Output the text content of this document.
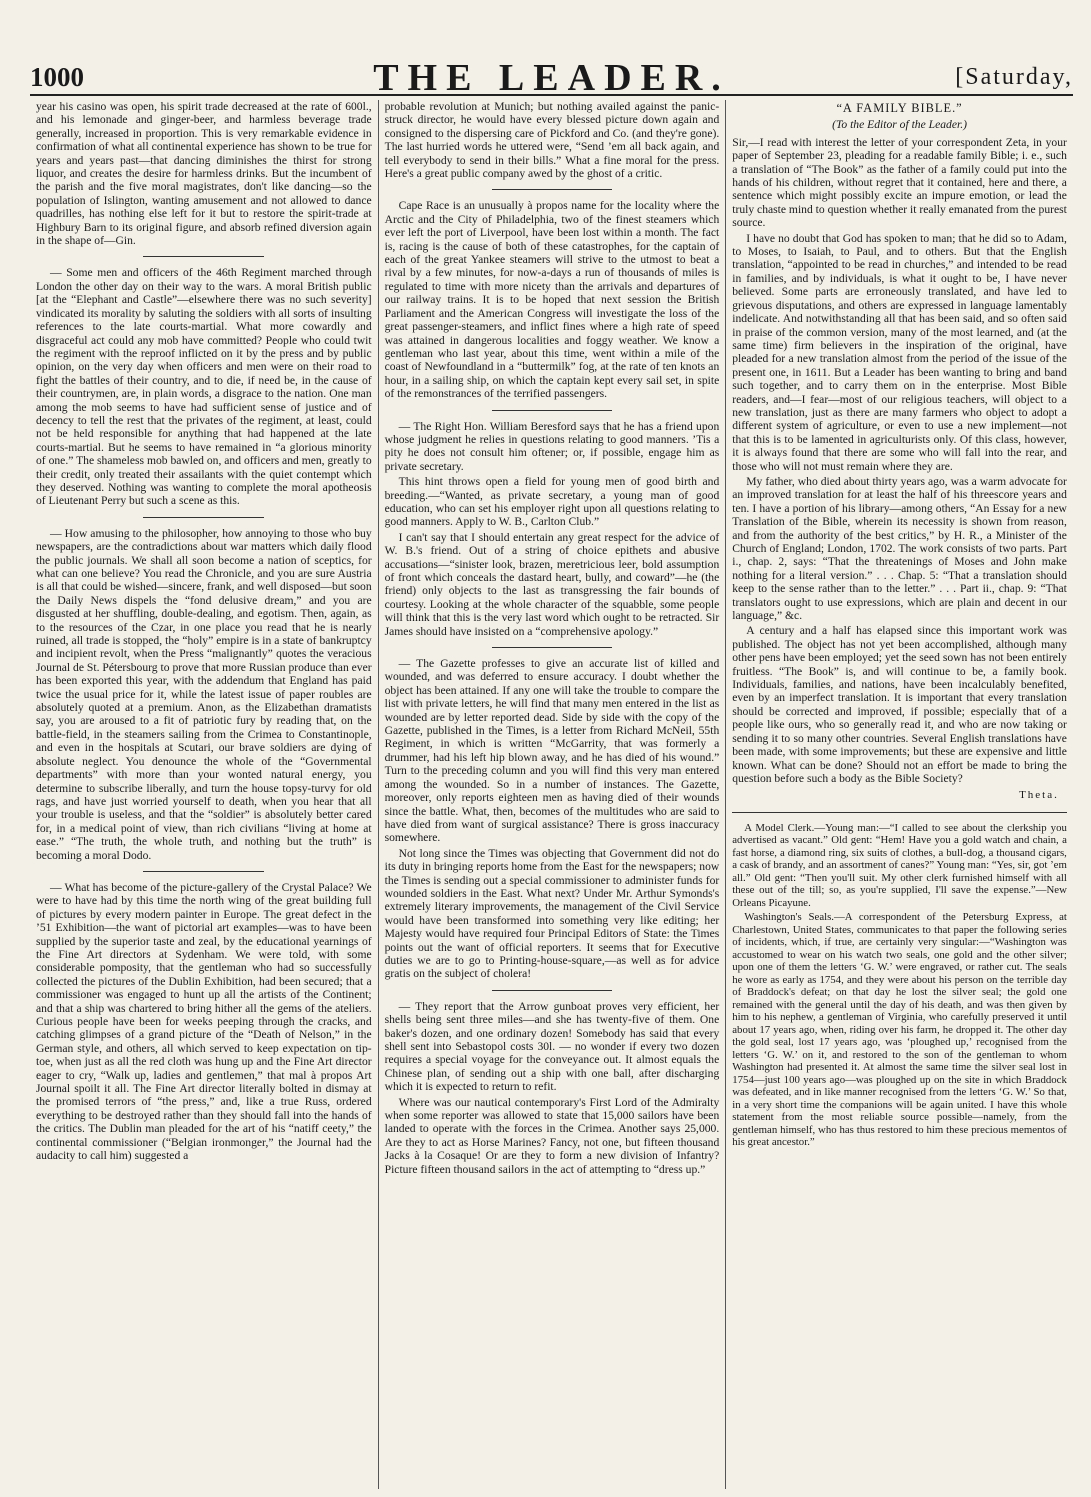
1000	THE LEADER.	[Saturday,

year his casino was open, his spirit trade decreased at the rate of 600l., and his lemonade and ginger-beer, and harmless beverage trade generally, increased in proportion. This is very remarkable evidence in confirmation of what all continental experience has shown to be true for years and years past—that dancing diminishes the thirst for strong liquor, and creates the desire for harmless drinks. But the incumbent of the parish and the five moral magistrates, don't like dancing—so the population of Islington, wanting amusement and not allowed to dance quadrilles, has nothing else left for it but to restore the spirit-trade at Highbury Barn to its original figure, and absorb refined diversion again in the shape of—Gin.

— Some men and officers of the 46th Regiment marched through London the other day on their way to the wars. A moral British public [at the “Elephant and Castle”—elsewhere there was no such severity] vindicated its morality by saluting the soldiers with all sorts of insulting references to the late courts-martial. What more cowardly and disgraceful act could any mob have committed? People who could twit the regiment with the reproof inflicted on it by the press and by public opinion, on the very day when officers and men were on their road to fight the battles of their country, and to die, if need be, in the cause of their countrymen, are, in plain words, a disgrace to the nation. One man among the mob seems to have had sufficient sense of justice and of decency to tell the rest that the privates of the regiment, at least, could not be held responsible for anything that had happened at the late courts-martial. But he seems to have remained in “a glorious minority of one.” The shameless mob bawled on, and officers and men, greatly to their credit, only treated their assailants with the quiet contempt which they deserved. Nothing was wanting to complete the moral apotheosis of Lieutenant Perry but such a scene as this.

— How amusing to the philosopher, how annoying to those who buy newspapers, are the contradictions about war matters which daily flood the public journals. We shall all soon become a nation of sceptics, for what can one believe? You read the Chronicle, and you are sure Austria is all that could be wished—sincere, frank, and well disposed—but soon the Daily News dispels the “fond delusive dream,” and you are disgusted at her shuffling, double-dealing, and egotism. Then, again, as to the resources of the Czar, in one place you read that he is nearly ruined, all trade is stopped, the “holy” empire is in a state of bankruptcy and incipient revolt, when the Press “malignantly” quotes the veracious Journal de St. Pétersbourg to prove that more Russian produce than ever has been exported this year, with the addendum that England has paid twice the usual price for it, while the latest issue of paper roubles are absolutely quoted at a premium. Anon, as the Elizabethan dramatists say, you are aroused to a fit of patriotic fury by reading that, on the battle-field, in the steamers sailing from the Crimea to Constantinople, and even in the hospitals at Scutari, our brave soldiers are dying of absolute neglect. You denounce the whole of the “Governmental departments” with more than your wonted natural energy, you determine to subscribe liberally, and turn the house topsy-turvy for old rags, and have just worried yourself to death, when you hear that all your trouble is useless, and that the “soldier” is absolutely better cared for, in a medical point of view, than rich civilians “living at home at ease.” “The truth, the whole truth, and nothing but the truth” is becoming a moral Dodo.

— What has become of the picture-gallery of the Crystal Palace? We were to have had by this time the north wing of the great building full of pictures by every modern painter in Europe. The great defect in the ’51 Exhibition—the want of pictorial art examples—was to have been supplied by the superior taste and zeal, by the educational yearnings of the Fine Art directors at Sydenham. We were told, with some considerable pomposity, that the gentleman who had so successfully collected the pictures of the Dublin Exhibition, had been secured; that a commissioner was engaged to hunt up all the artists of the Continent; and that a ship was chartered to bring hither all the gems of the ateliers. Curious people have been for weeks peeping through the cracks, and catching glimpses of a grand picture of the “Death of Nelson,” in the German style, and others, all which served to keep expectation on tip-toe, when just as all the red cloth was hung up and the Fine Art director eager to cry, “Walk up, ladies and gentlemen,” that mal à propos Art Journal spoilt it all. The Fine Art director literally bolted in dismay at the promised terrors of “the press,” and, like a true Russ, ordered everything to be destroyed rather than they should fall into the hands of the critics. The Dublin man pleaded for the art of his “natiff ceety,” the continental commissioner (“Belgian ironmonger,” the Journal had the audacity to call him) suggested a

probable revolution at Munich; but nothing availed against the panic-struck director, he would have every blessed picture down again and consigned to the dispersing care of Pickford and Co. (and they're gone). The last hurried words he uttered were, “Send ’em all back again, and tell everybody to send in their bills.” What a fine moral for the press. Here's a great public company awed by the ghost of a critic.

Cape Race is an unusually à propos name for the locality where the Arctic and the City of Philadelphia, two of the finest steamers which ever left the port of Liverpool, have been lost within a month. The fact is, racing is the cause of both of these catastrophes, for the captain of each of the great Yankee steamers will strive to the utmost to beat a rival by a few minutes, for now-a-days a run of thousands of miles is regulated to time with more nicety than the arrivals and departures of our railway trains. It is to be hoped that next session the British Parliament and the American Congress will investigate the loss of the great passenger-steamers, and inflict fines where a high rate of speed was attained in dangerous localities and foggy weather. We know a gentleman who last year, about this time, went within a mile of the coast of Newfoundland in a “buttermilk” fog, at the rate of ten knots an hour, in a sailing ship, on which the captain kept every sail set, in spite of the remonstrances of the terrified passengers.

— The Right Hon. William Beresford says that he has a friend upon whose judgment he relies in questions relating to good manners. ’Tis a pity he does not consult him oftener; or, if possible, engage him as private secretary.

This hint throws open a field for young men of good birth and breeding.—“Wanted, as private secretary, a young man of good education, who can set his employer right upon all questions relating to good manners. Apply to W. B., Carlton Club.”

I can't say that I should entertain any great respect for the advice of W. B.'s friend. Out of a string of choice epithets and abusive accusations—“sinister look, brazen, meretricious leer, bold assumption of front which conceals the dastard heart, bully, and coward”—he (the friend) only objects to the last as transgressing the fair bounds of courtesy. Looking at the whole character of the squabble, some people will think that this is the very last word which ought to be retracted. Sir James should have insisted on a “comprehensive apology.”

— The Gazette professes to give an accurate list of killed and wounded, and was deferred to ensure accuracy. I doubt whether the object has been attained. If any one will take the trouble to compare the list with private letters, he will find that many men entered in the list as wounded are by letter reported dead. Side by side with the copy of the Gazette, published in the Times, is a letter from Richard McNeil, 55th Regiment, in which is written “McGarrity, that was formerly a drummer, had his left hip blown away, and he has died of his wound.” Turn to the preceding column and you will find this very man entered among the wounded. So in a number of instances. The Gazette, moreover, only reports eighteen men as having died of their wounds since the battle. What, then, becomes of the multitudes who are said to have died from want of surgical assistance? There is gross inaccuracy somewhere.

Not long since the Times was objecting that Government did not do its duty in bringing reports home from the East for the newspapers; now the Times is sending out a special commissioner to administer funds for wounded soldiers in the East. What next? Under Mr. Arthur Symonds's extremely literary improvements, the management of the Civil Service would have been transformed into something very like editing; her Majesty would have required four Principal Editors of State: the Times points out the want of official reporters. It seems that for Executive duties we are to go to Printing-house-square,—as well as for advice gratis on the subject of cholera!

— They report that the Arrow gunboat proves very efficient, her shells being sent three miles—and she has twenty-five of them. One baker's dozen, and one ordinary dozen! Somebody has said that every shell sent into Sebastopol costs 30l. — no wonder if every two dozen requires a special voyage for the conveyance out. It almost equals the Chinese plan, of sending out a ship with one ball, after discharging which it is expected to return to refit.

Where was our nautical contemporary's First Lord of the Admiralty when some reporter was allowed to state that 15,000 sailors have been landed to operate with the forces in the Crimea. Another says 25,000. Are they to act as Horse Marines? Fancy, not one, but fifteen thousand Jacks à la Cosaque! Or are they to form a new division of Infantry? Picture fifteen thousand sailors in the act of attempting to “dress up.”

“A FAMILY BIBLE.”
(To the Editor of the Leader.)

Sir,—I read with interest the letter of your correspondent Zeta, in your paper of September 23, pleading for a readable family Bible; i. e., such a translation of “The Book” as the father of a family could put into the hands of his children, without regret that it contained, here and there, a sentence which might possibly excite an impure emotion, or lead the truly chaste mind to question whether it really emanated from the purest source.

I have no doubt that God has spoken to man; that he did so to Adam, to Moses, to Isaiah, to Paul, and to others. But that the English translation, “appointed to be read in churches,” and intended to be read in families, and by individuals, is what it ought to be, I have never believed. Some parts are erroneously translated, and have led to grievous disputations, and others are expressed in language lamentably indelicate. And notwithstanding all that has been said, and so often said in praise of the common version, many of the most learned, and (at the same time) firm believers in the inspiration of the original, have pleaded for a new translation almost from the period of the issue of the present one, in 1611. But a Leader has been wanting to bring and band such together, and to carry them on in the enterprise. Most Bible readers, and—I fear—most of our religious teachers, will object to a new translation, just as there are many farmers who object to adopt a different system of agriculture, or even to use a new implement—not that this is to be lamented in agriculturists only. Of this class, however, it is always found that there are some who will fall into the rear, and those who will not must remain where they are.

My father, who died about thirty years ago, was a warm advocate for an improved translation for at least the half of his threescore years and ten. I have a portion of his library—among others, “An Essay for a new Translation of the Bible, wherein its necessity is shown from reason, and from the authority of the best critics,” by H. R., a Minister of the Church of England; London, 1702. The work consists of two parts. Part i., chap. 2, says: “That the threatenings of Moses and John make nothing for a literal version.” . . . Chap. 5: “That a translation should keep to the sense rather than to the letter.” . . . Part ii., chap. 9: “That translators ought to use expressions, which are plain and decent in our language,” &c.

A century and a half has elapsed since this important work was published. The object has not yet been accomplished, although many other pens have been employed; yet the seed sown has not been entirely fruitless. “The Book” is, and will continue to be, a family book. Individuals, families, and nations, have been incalculably benefited, even by an imperfect translation. It is important that every translation should be corrected and improved, if possible; especially that of a people like ours, who so generally read it, and who are now taking or sending it to so many other countries. Several English translations have been made, with some improvements; but these are expensive and little known. What can be done? Should not an effort be made to bring the question before such a body as the Bible Society?

Theta.

A Model Clerk.—Young man:—“I called to see about the clerkship you advertised as vacant.” Old gent: “Hem! Have you a gold watch and chain, a fast horse, a diamond ring, six suits of clothes, a bull-dog, a thousand cigars, a cask of brandy, and an assortment of canes?” Young man: “Yes, sir, got ’em all.” Old gent: “Then you'll suit. My other clerk furnished himself with all these out of the till; so, as you're supplied, I'll save the expense.”—New Orleans Picayune.

Washington's Seals.—A correspondent of the Petersburg Express, at Charlestown, United States, communicates to that paper the following series of incidents, which, if true, are certainly very singular:—“Washington was accustomed to wear on his watch two seals, one gold and the other silver; upon one of them the letters ‘G. W.’ were engraved, or rather cut. The seals he wore as early as 1754, and they were about his person on the terrible day of Braddock's defeat; on that day he lost the silver seal; the gold one remained with the general until the day of his death, and was then given by him to his nephew, a gentleman of Virginia, who carefully preserved it until about 17 years ago, when, riding over his farm, he dropped it. The other day the gold seal, lost 17 years ago, was ‘ploughed up,’ recognised from the letters ‘G. W.’ on it, and restored to the son of the gentleman to whom Washington had presented it. At almost the same time the silver seal lost in 1754—just 100 years ago—was ploughed up on the site in which Braddock was defeated, and in like manner recognised from the letters ‘G. W.’ So that, in a very short time the companions will be again united. I have this whole statement from the most reliable source possible—namely, from the gentleman himself, who has thus restored to him these precious mementos of his great ancestor.”
